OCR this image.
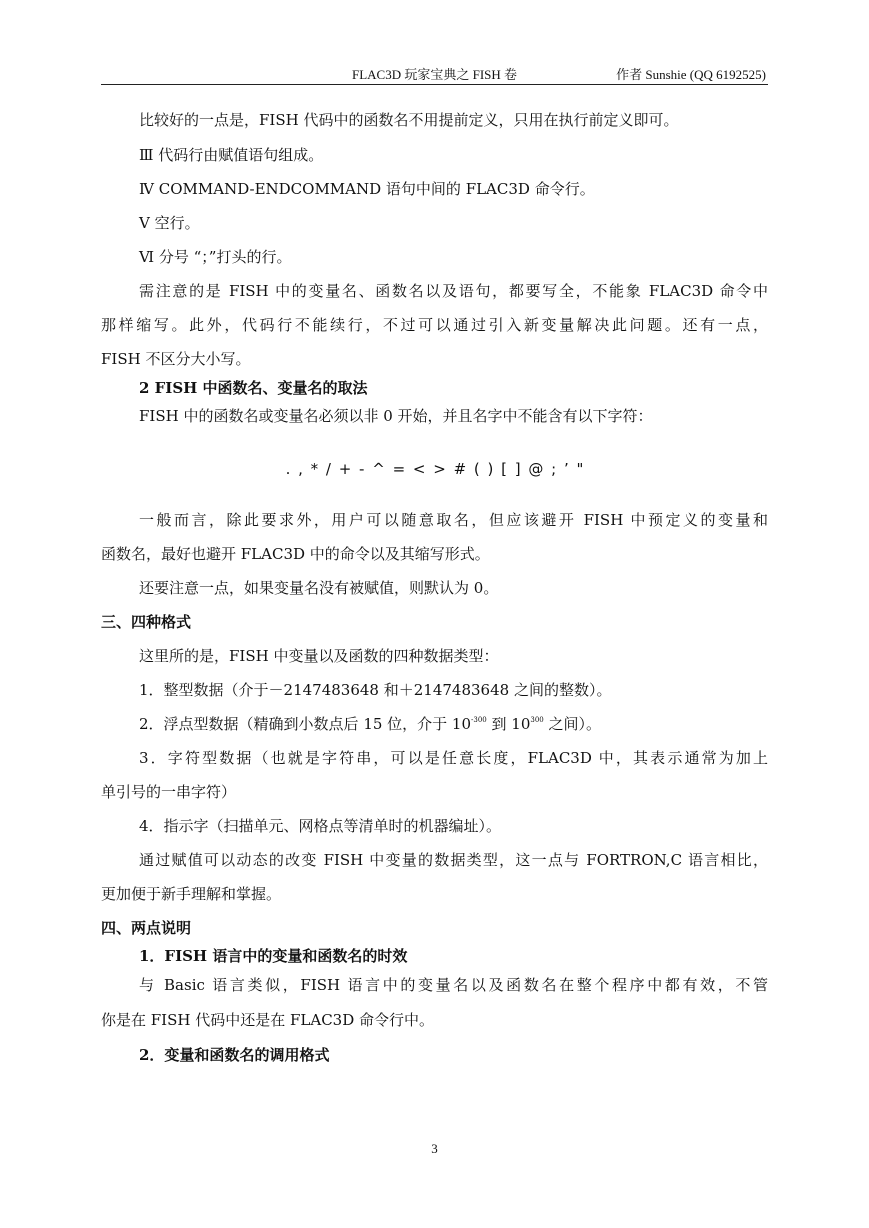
FLAC3D 玩家宝典之 FISH 卷	作者 Sunshie (QQ 6192525)
比较好的一点是，FISH 代码中的函数名不用提前定义，只用在执行前定义即可。
Ⅲ 代码行由赋值语句组成。
Ⅳ COMMAND-ENDCOMMAND 语句中间的 FLAC3D 命令行。
Ⅴ 空行。
Ⅵ 分号 “；”打头的行。
需注意的是 FISH 中的变量名、函数名以及语句，都要写全，不能象 FLAC3D 命令中
那样缩写。此外，代码行不能续行，不过可以通过引入新变量解决此问题。还有一点，
FISH 不区分大小写。
2 FISH 中函数名、变量名的取法
FISH 中的函数名或变量名必须以非 0 开始，并且名字中不能含有以下字符：
. , * / + - ^ = < > # ( ) [ ] @ ; ’ "
一般而言，除此要求外，用户可以随意取名，但应该避开 FISH 中预定义的变量和
函数名，最好也避开 FLAC3D 中的命令以及其缩写形式。
还要注意一点，如果变量名没有被赋值，则默认为 0。
三、四种格式
这里所的是，FISH 中变量以及函数的四种数据类型：
1．整型数据（介于－2147483648 和＋2147483648 之间的整数）。
2．浮点型数据（精确到小数点后 15 位，介于 $10^{-300}$ 到 $10^{300}$ 之间）。
3．字符型数据（也就是字符串，可以是任意长度，FLAC3D 中，其表示通常为加上
单引号的一串字符）
4．指示字（扫描单元、网格点等清单时的机器编址）。
通过赋值可以动态的改变 FISH 中变量的数据类型，这一点与 FORTRON,C 语言相比，
更加便于新手理解和掌握。
四、两点说明
1．FISH 语言中的变量和函数名的时效
与 Basic 语言类似，FISH 语言中的变量名以及函数名在整个程序中都有效，不管
你是在 FISH 代码中还是在 FLAC3D 命令行中。
2．变量和函数名的调用格式
3
